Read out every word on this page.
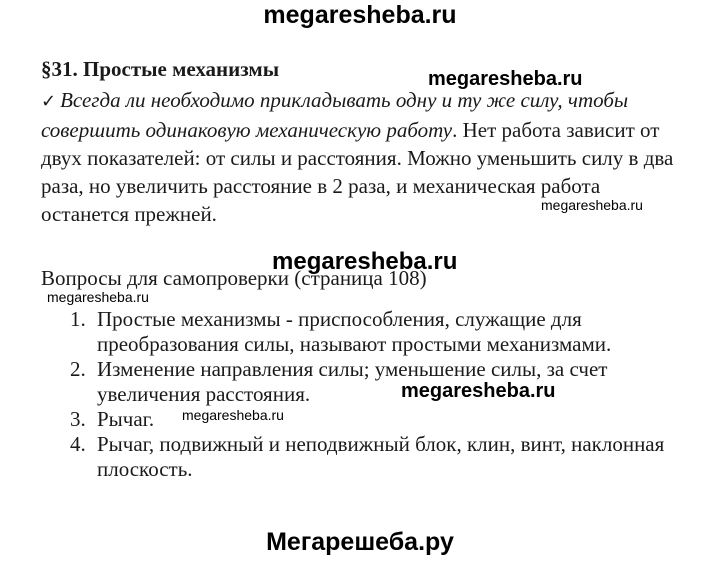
megaresheba.ru
§31. Простые механизмы	megaresheba.ru

✓ Всегда ли необходимо прикладывать одну и ту же силу, чтобы совершить одинаковую механическую работу. Нет работа зависит от двух показателей: от силы и расстояния. Можно уменьшить силу в два раза, но увеличить расстояние в 2 раза, и механическая работа останется прежней.	megaresheba.ru
megaresheba.ru

Вопросы для самопроверки (страница 108)

megaresheba.ru
1. Простые механизмы - приспособления, служащие для преобразования силы, называют простыми механизмами.
2. Изменение направления силы; уменьшение силы, за счет увеличения расстояния.
3. Рычаг.
4. Рычаг, подвижный и неподвижный блок, клин, винт, наклонная плоскость.
megaresheba.ru
megaresheba.ru
Мегарешеба.ру
